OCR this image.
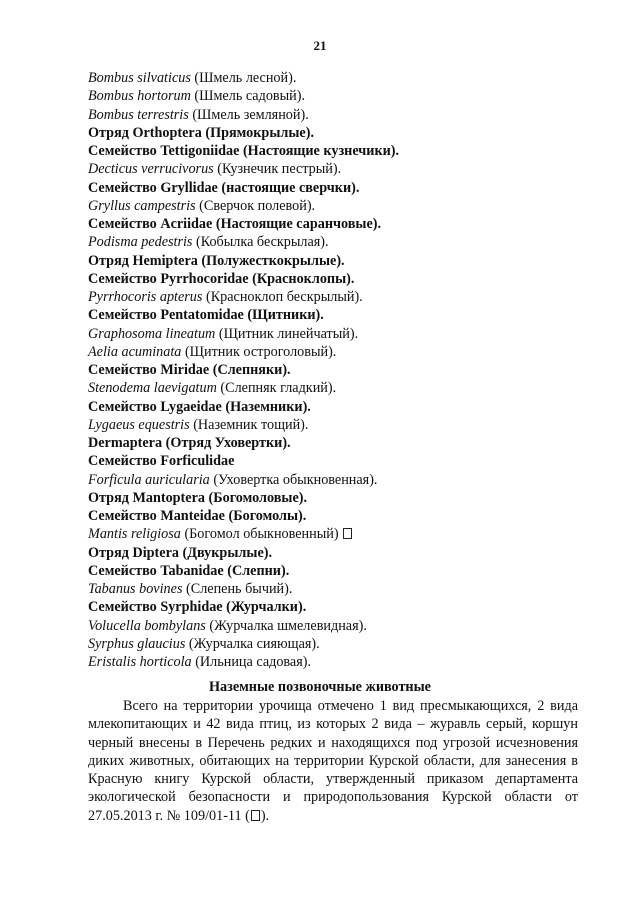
21
Bombus silvaticus (Шмель лесной).
Bombus hortorum (Шмель садовый).
Bombus terrestris (Шмель земляной).
Отряд Orthoptera (Прямокрылые).
Семейство Tettigoniidae (Настоящие кузнечики).
Decticus verrucivorus (Кузнечик пестрый).
Семейство Gryllidae (настоящие сверчки).
Gryllus campestris (Сверчок полевой).
Семейство Acriidae (Настоящие саранчовые).
Podisma pedestris (Кобылка бескрылая).
Отряд Hemiptera (Полужесткокрылые).
Семейство Pyrrhocoridae (Красноклопы).
Pyrrhocoris apterus (Красноклоп бескрылый).
Семейство Pentatomidae (Щитники).
Graphosoma lineatum (Щитник линейчатый).
Aelia acuminata (Щитник остроголовый).
Семейство Miridae (Слепняки).
Stenodema laevigatum (Слепняк гладкий).
Семейство Lygaeidae (Наземники).
Lygaeus equestris (Наземник тощий).
Dermaptera (Отряд Уховертки).
Семейство Forficulidae
Forficula auricularia (Уховертка обыкновенная).
Отряд Mantoptera (Богомоловые).
Семейство Manteidae (Богомолы).
Mantis religiosa (Богомол обыкновенный)
Отряд Diptera (Двукрылые).
Семейство Tabanidae (Слепни).
Tabanus bovines (Слепень бычий).
Семейство Syrphidae (Журчалки).
Volucella bombylans (Журчалка шмелевидная).
Syrphus glaucius (Журчалка сияющая).
Eristalis horticola (Ильница садовая).
Наземные позвоночные животные
Всего на территории урочища отмечено 1 вид пресмыкающихся, 2 вида млекопитающих и 42 вида птиц, из которых 2 вида – журавль серый, коршун черный внесены в Перечень редких и находящихся под угрозой исчезновения диких животных, обитающих на территории Курской области, для занесения в Красную книгу Курской области, утвержденный приказом департамента экологической безопасности и природопользования Курской области от 27.05.2013 г. № 109/01-11 ( ).
